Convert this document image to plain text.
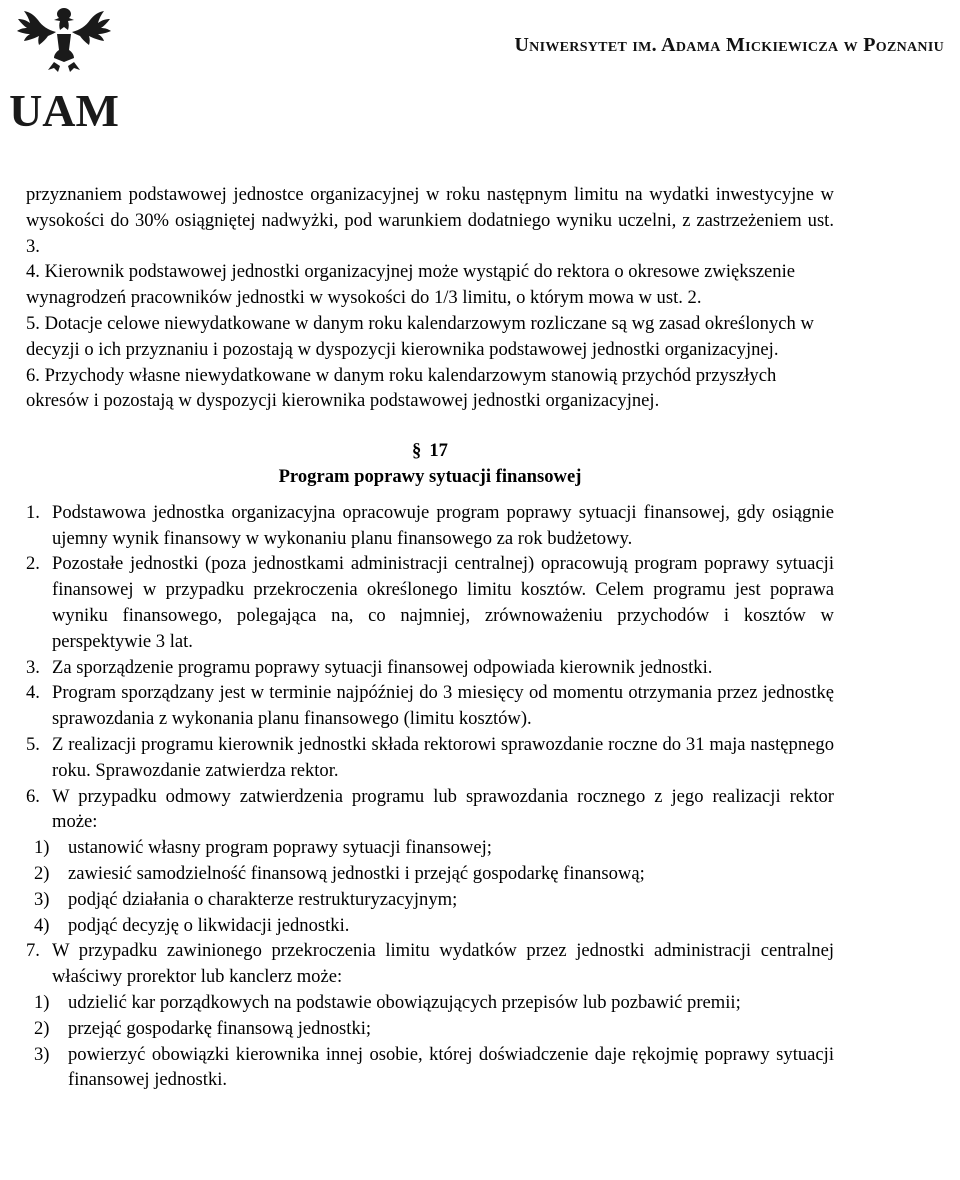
UAM
Uniwersytet im. Adama Mickiewicza w Poznaniu

przyznaniem podstawowej jednostce organizacyjnej w roku następnym limitu na wydatki inwestycyjne w wysokości do 30% osiągniętej nadwyżki, pod warunkiem dodatniego wyniku uczelni, z zastrzeżeniem ust. 3.

4. Kierownik podstawowej jednostki organizacyjnej może wystąpić do rektora o okresowe zwiększenie wynagrodzeń pracowników jednostki w wysokości do 1/3 limitu, o którym mowa w ust. 2.
5. Dotacje celowe niewydatkowane w danym roku kalendarzowym rozliczane są wg zasad określonych w decyzji o ich przyznaniu i pozostają w dyspozycji kierownika podstawowej jednostki organizacyjnej.
6. Przychody własne niewydatkowane w danym roku kalendarzowym stanowią przychód przyszłych okresów i pozostają w dyspozycji kierownika podstawowej jednostki organizacyjnej.
§ 17
Program poprawy sytuacji finansowej
1. Podstawowa jednostka organizacyjna opracowuje program poprawy sytuacji finansowej, gdy osiągnie ujemny wynik finansowy w wykonaniu planu finansowego za rok budżetowy.
2. Pozostałe jednostki (poza jednostkami administracji centralnej) opracowują program poprawy sytuacji finansowej w przypadku przekroczenia określonego limitu kosztów. Celem programu jest poprawa wyniku finansowego, polegająca na, co najmniej, zrównoważeniu przychodów i kosztów w perspektywie 3 lat.
3. Za sporządzenie programu poprawy sytuacji finansowej odpowiada kierownik jednostki.
4. Program sporządzany jest w terminie najpóźniej do 3 miesięcy od momentu otrzymania przez jednostkę sprawozdania z wykonania planu finansowego (limitu kosztów).
5. Z realizacji programu kierownik jednostki składa rektorowi sprawozdanie roczne do 31 maja następnego roku. Sprawozdanie zatwierdza rektor.
6. W przypadku odmowy zatwierdzenia programu lub sprawozdania rocznego z jego realizacji rektor może:
1) ustanowić własny program poprawy sytuacji finansowej;
2) zawiesić samodzielność finansową jednostki i przejąć gospodarkę finansową;
3) podjąć działania o charakterze restrukturyzacyjnym;
4) podjąć decyzję o likwidacji jednostki.
7. W przypadku zawinionego przekroczenia limitu wydatków przez jednostki administracji centralnej właściwy prorektor lub kanclerz może:
1) udzielić kar porządkowych na podstawie obowiązujących przepisów lub pozbawić premii;
2) przejąć gospodarkę finansową jednostki;
3) powierzyć obowiązki kierownika innej osobie, której doświadczenie daje rękojmię poprawy sytuacji finansowej jednostki.
